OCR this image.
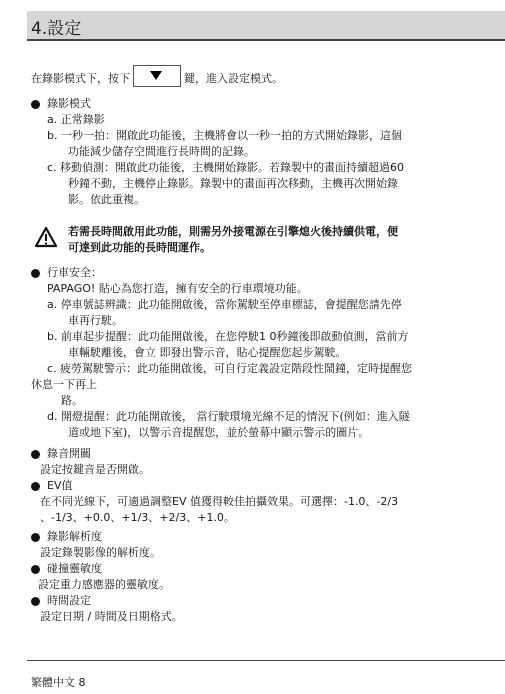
4.設定
在錄影模式下，按下	鍵，進入設定模式。
錄影模式
a. 正常錄影
b. 一秒一拍：開啟此功能後，主機將會以一秒一拍的方式開始錄影，這個
功能減少儲存空間進行長時間的記錄。
c. 移動偵測：開啟此功能後，主機開始錄影。若錄製中的畫面持續超過60
秒鐘不動，主機停止錄影。錄製中的畫面再次移動，主機再次開始錄
影。依此重複。
若需長時間啟用此功能，則需另外接電源在引擎熄火後持續供電，便
可達到此功能的長時間運作。
行車安全：
PAPAGO! 貼心為您打造，擁有安全的行車環境功能。
a. 停車號誌辨識：此功能開啟後，當你駕駛至停車標誌，會提醒您請先停
車再行駛。
b. 前車起步提醒：此功能開啟後，在您停駛1 0秒鐘後即啟動偵測，當前方
車輛駛離後，會立 即發出警示音，貼心提醒您起步駕駛。
c. 疲勞駕駛警示：此功能開啟後，可自行定義設定階段性鬧鐘，定時提醒您
休息一下再上
路。
d. 開燈提醒：此功能開啟後， 當行駛環境光線不足的情況下(例如：進入隧
道或地下室)，以警示音提醒您，並於螢幕中顯示警示的圖片。
錄音開關
設定按鍵音是否開啟。
EV值
在不同光線下，可適過調整EV 值獲得較佳拍攝效果。可選擇：-1.0、-2/3
、-1/3、+0.0、+1/3、+2/3、+1.0。
錄影解析度
設定錄製影像的解析度。
碰撞靈敏度
設定重力感應器的靈敏度。
時間設定
設定日期 / 時間及日期格式。
繁體中文 8
